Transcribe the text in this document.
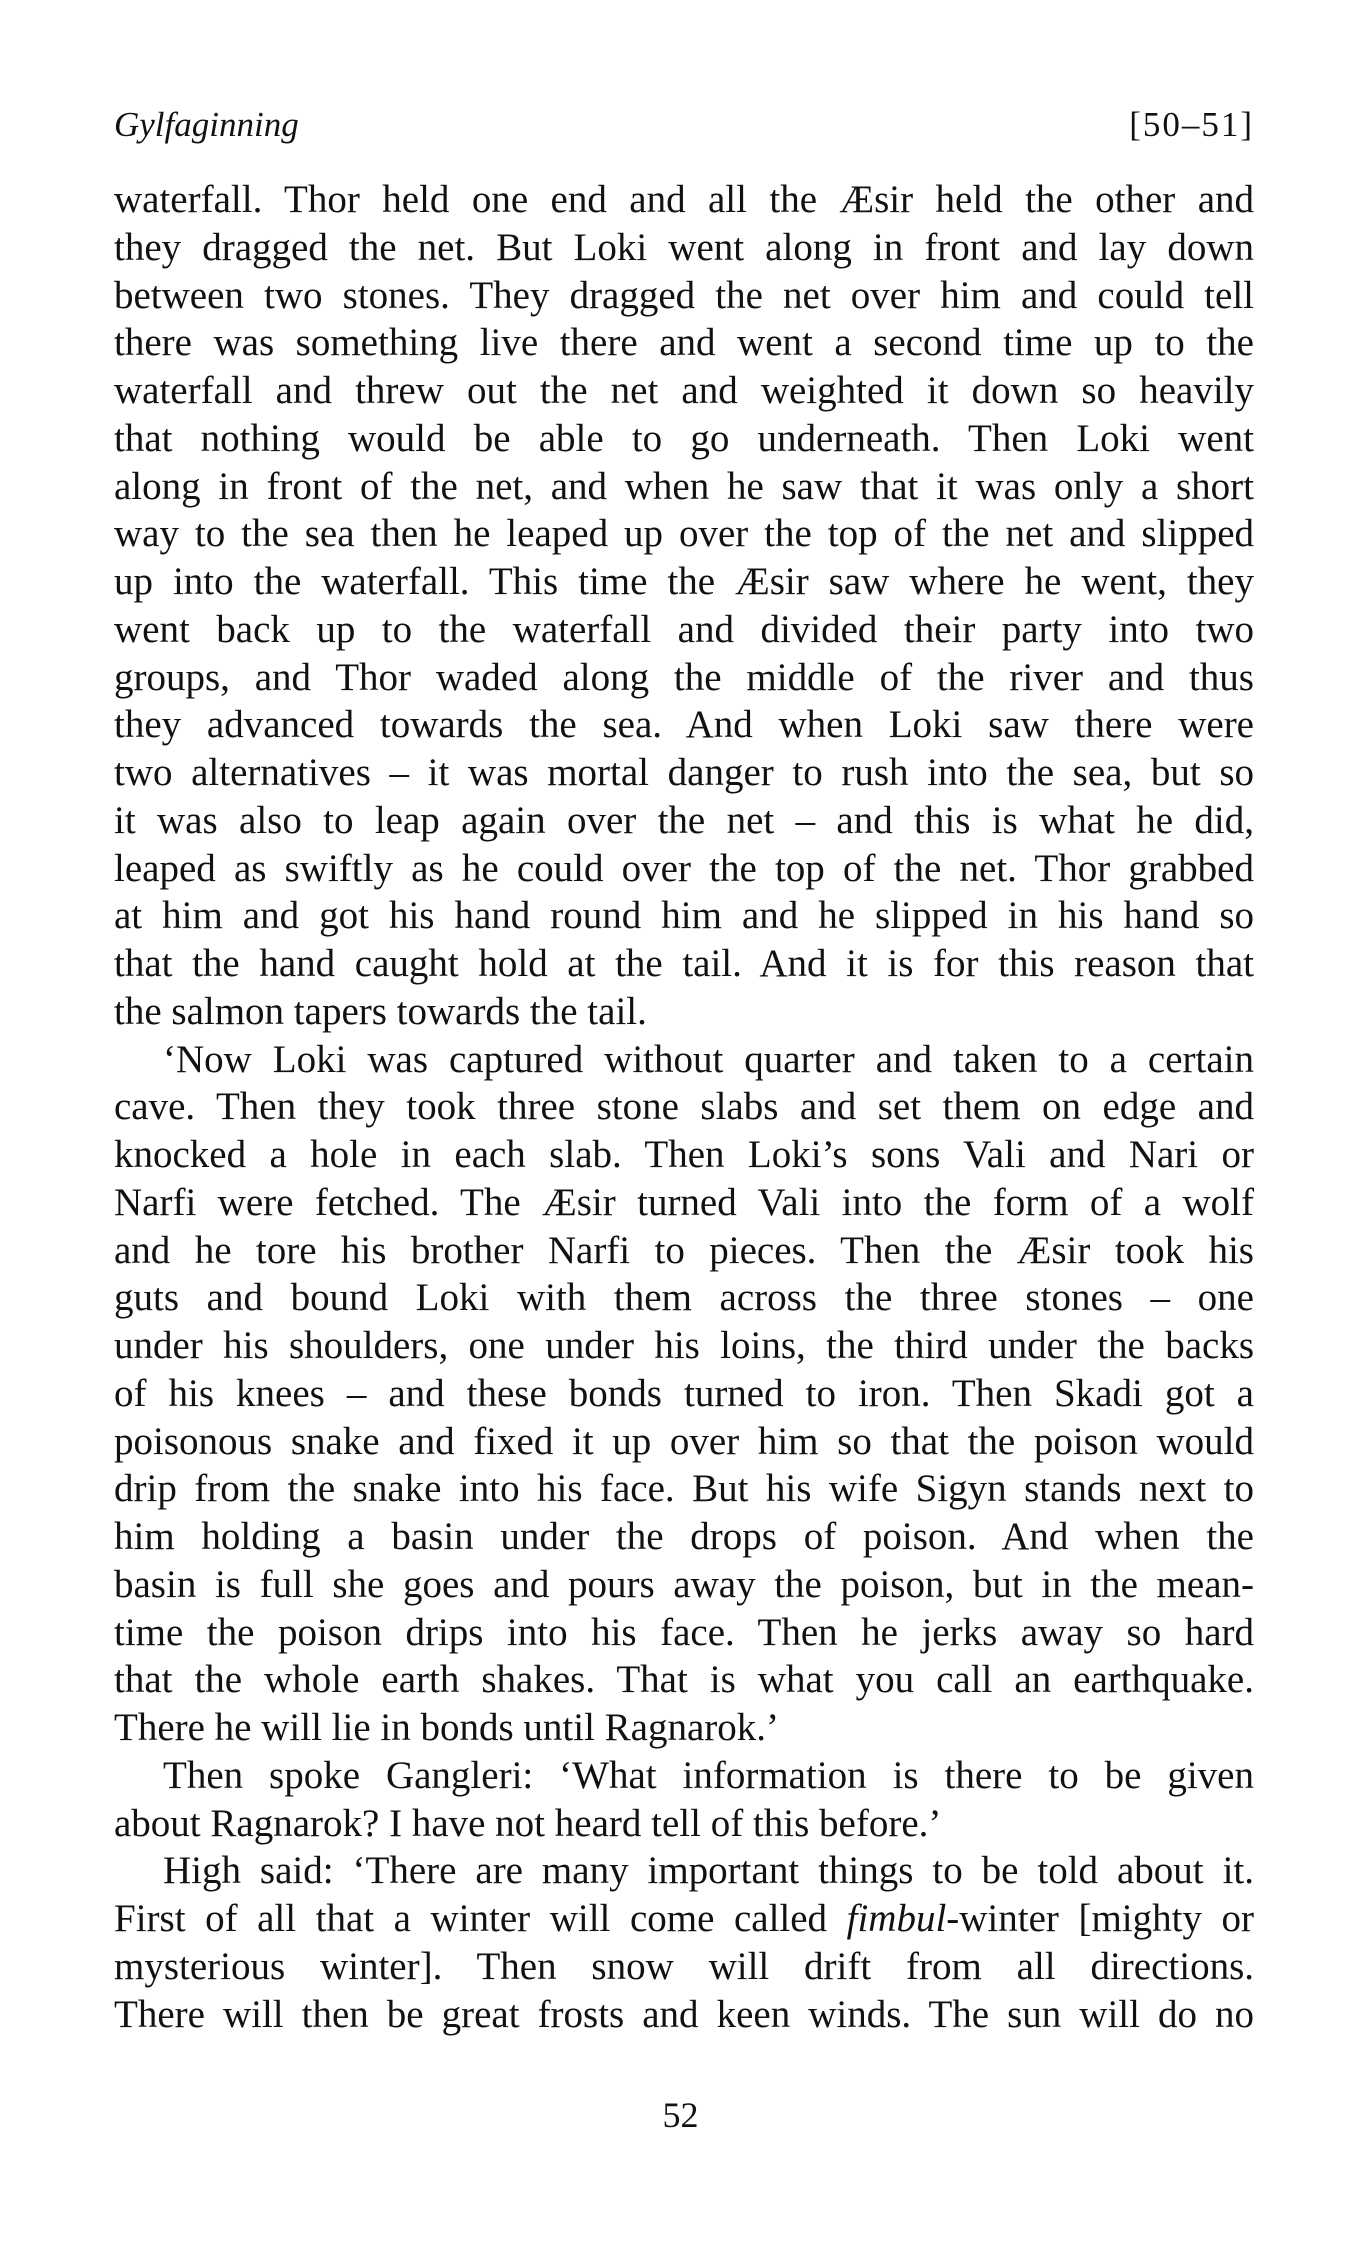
Gylfaginning	[50–51]
waterfall. Thor held one end and all the Æsir held the other and
they dragged the net. But Loki went along in front and lay down
between two stones. They dragged the net over him and could tell
there was something live there and went a second time up to the
waterfall and threw out the net and weighted it down so heavily
that nothing would be able to go underneath. Then Loki went
along in front of the net, and when he saw that it was only a short
way to the sea then he leaped up over the top of the net and slipped
up into the waterfall. This time the Æsir saw where he went, they
went back up to the waterfall and divided their party into two
groups, and Thor waded along the middle of the river and thus
they advanced towards the sea. And when Loki saw there were
two alternatives – it was mortal danger to rush into the sea, but so
it was also to leap again over the net – and this is what he did,
leaped as swiftly as he could over the top of the net. Thor grabbed
at him and got his hand round him and he slipped in his hand so
that the hand caught hold at the tail. And it is for this reason that
the salmon tapers towards the tail.
‘Now Loki was captured without quarter and taken to a certain
cave. Then they took three stone slabs and set them on edge and
knocked a hole in each slab. Then Loki’s sons Vali and Nari or
Narfi were fetched. The Æsir turned Vali into the form of a wolf
and he tore his brother Narfi to pieces. Then the Æsir took his
guts and bound Loki with them across the three stones – one
under his shoulders, one under his loins, the third under the backs
of his knees – and these bonds turned to iron. Then Skadi got a
poisonous snake and fixed it up over him so that the poison would
drip from the snake into his face. But his wife Sigyn stands next to
him holding a basin under the drops of poison. And when the
basin is full she goes and pours away the poison, but in the mean-
time the poison drips into his face. Then he jerks away so hard
that the whole earth shakes. That is what you call an earthquake.
There he will lie in bonds until Ragnarok.’
Then spoke Gangleri: ‘What information is there to be given
about Ragnarok? I have not heard tell of this before.’
High said: ‘There are many important things to be told about it.
First of all that a winter will come called fimbul-winter [mighty or
mysterious winter]. Then snow will drift from all directions.
There will then be great frosts and keen winds. The sun will do no
52
